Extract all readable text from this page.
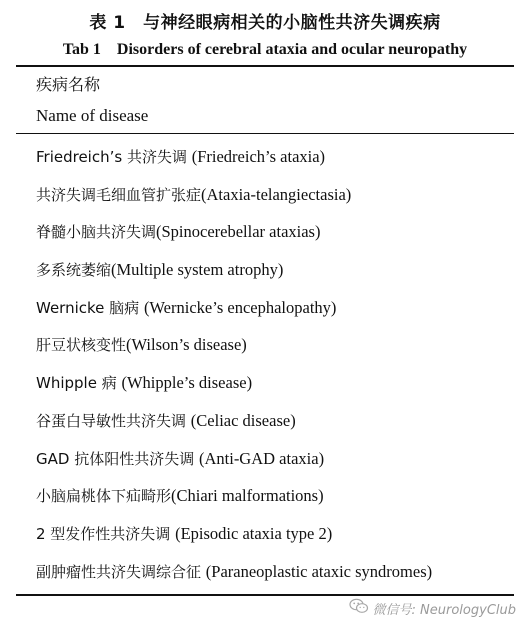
表 1　与神经眼病相关的小脑性共济失调疾病
Tab 1　Disorders of cerebral ataxia and ocular neuropathy
疾病名称
Name of disease
Friedreich’s 共济失调 (Friedreich’s ataxia)
共济失调毛细血管扩张症(Ataxia-telangiectasia)
脊髓小脑共济失调(Spinocerebellar ataxias)
多系统萎缩(Multiple system atrophy)
Wernicke 脑病 (Wernicke’s encephalopathy)
肝豆状核变性(Wilson’s disease)
Whipple 病 (Whipple’s disease)
谷蛋白导敏性共济失调 (Celiac disease)
GAD 抗体阳性共济失调 (Anti-GAD ataxia)
小脑扁桃体下疝畸形(Chiari malformations)
2 型发作性共济失调 (Episodic ataxia type 2)
副肿瘤性共济失调综合征 (Paraneoplastic ataxic syndromes)
微信号: NeurologyClub
